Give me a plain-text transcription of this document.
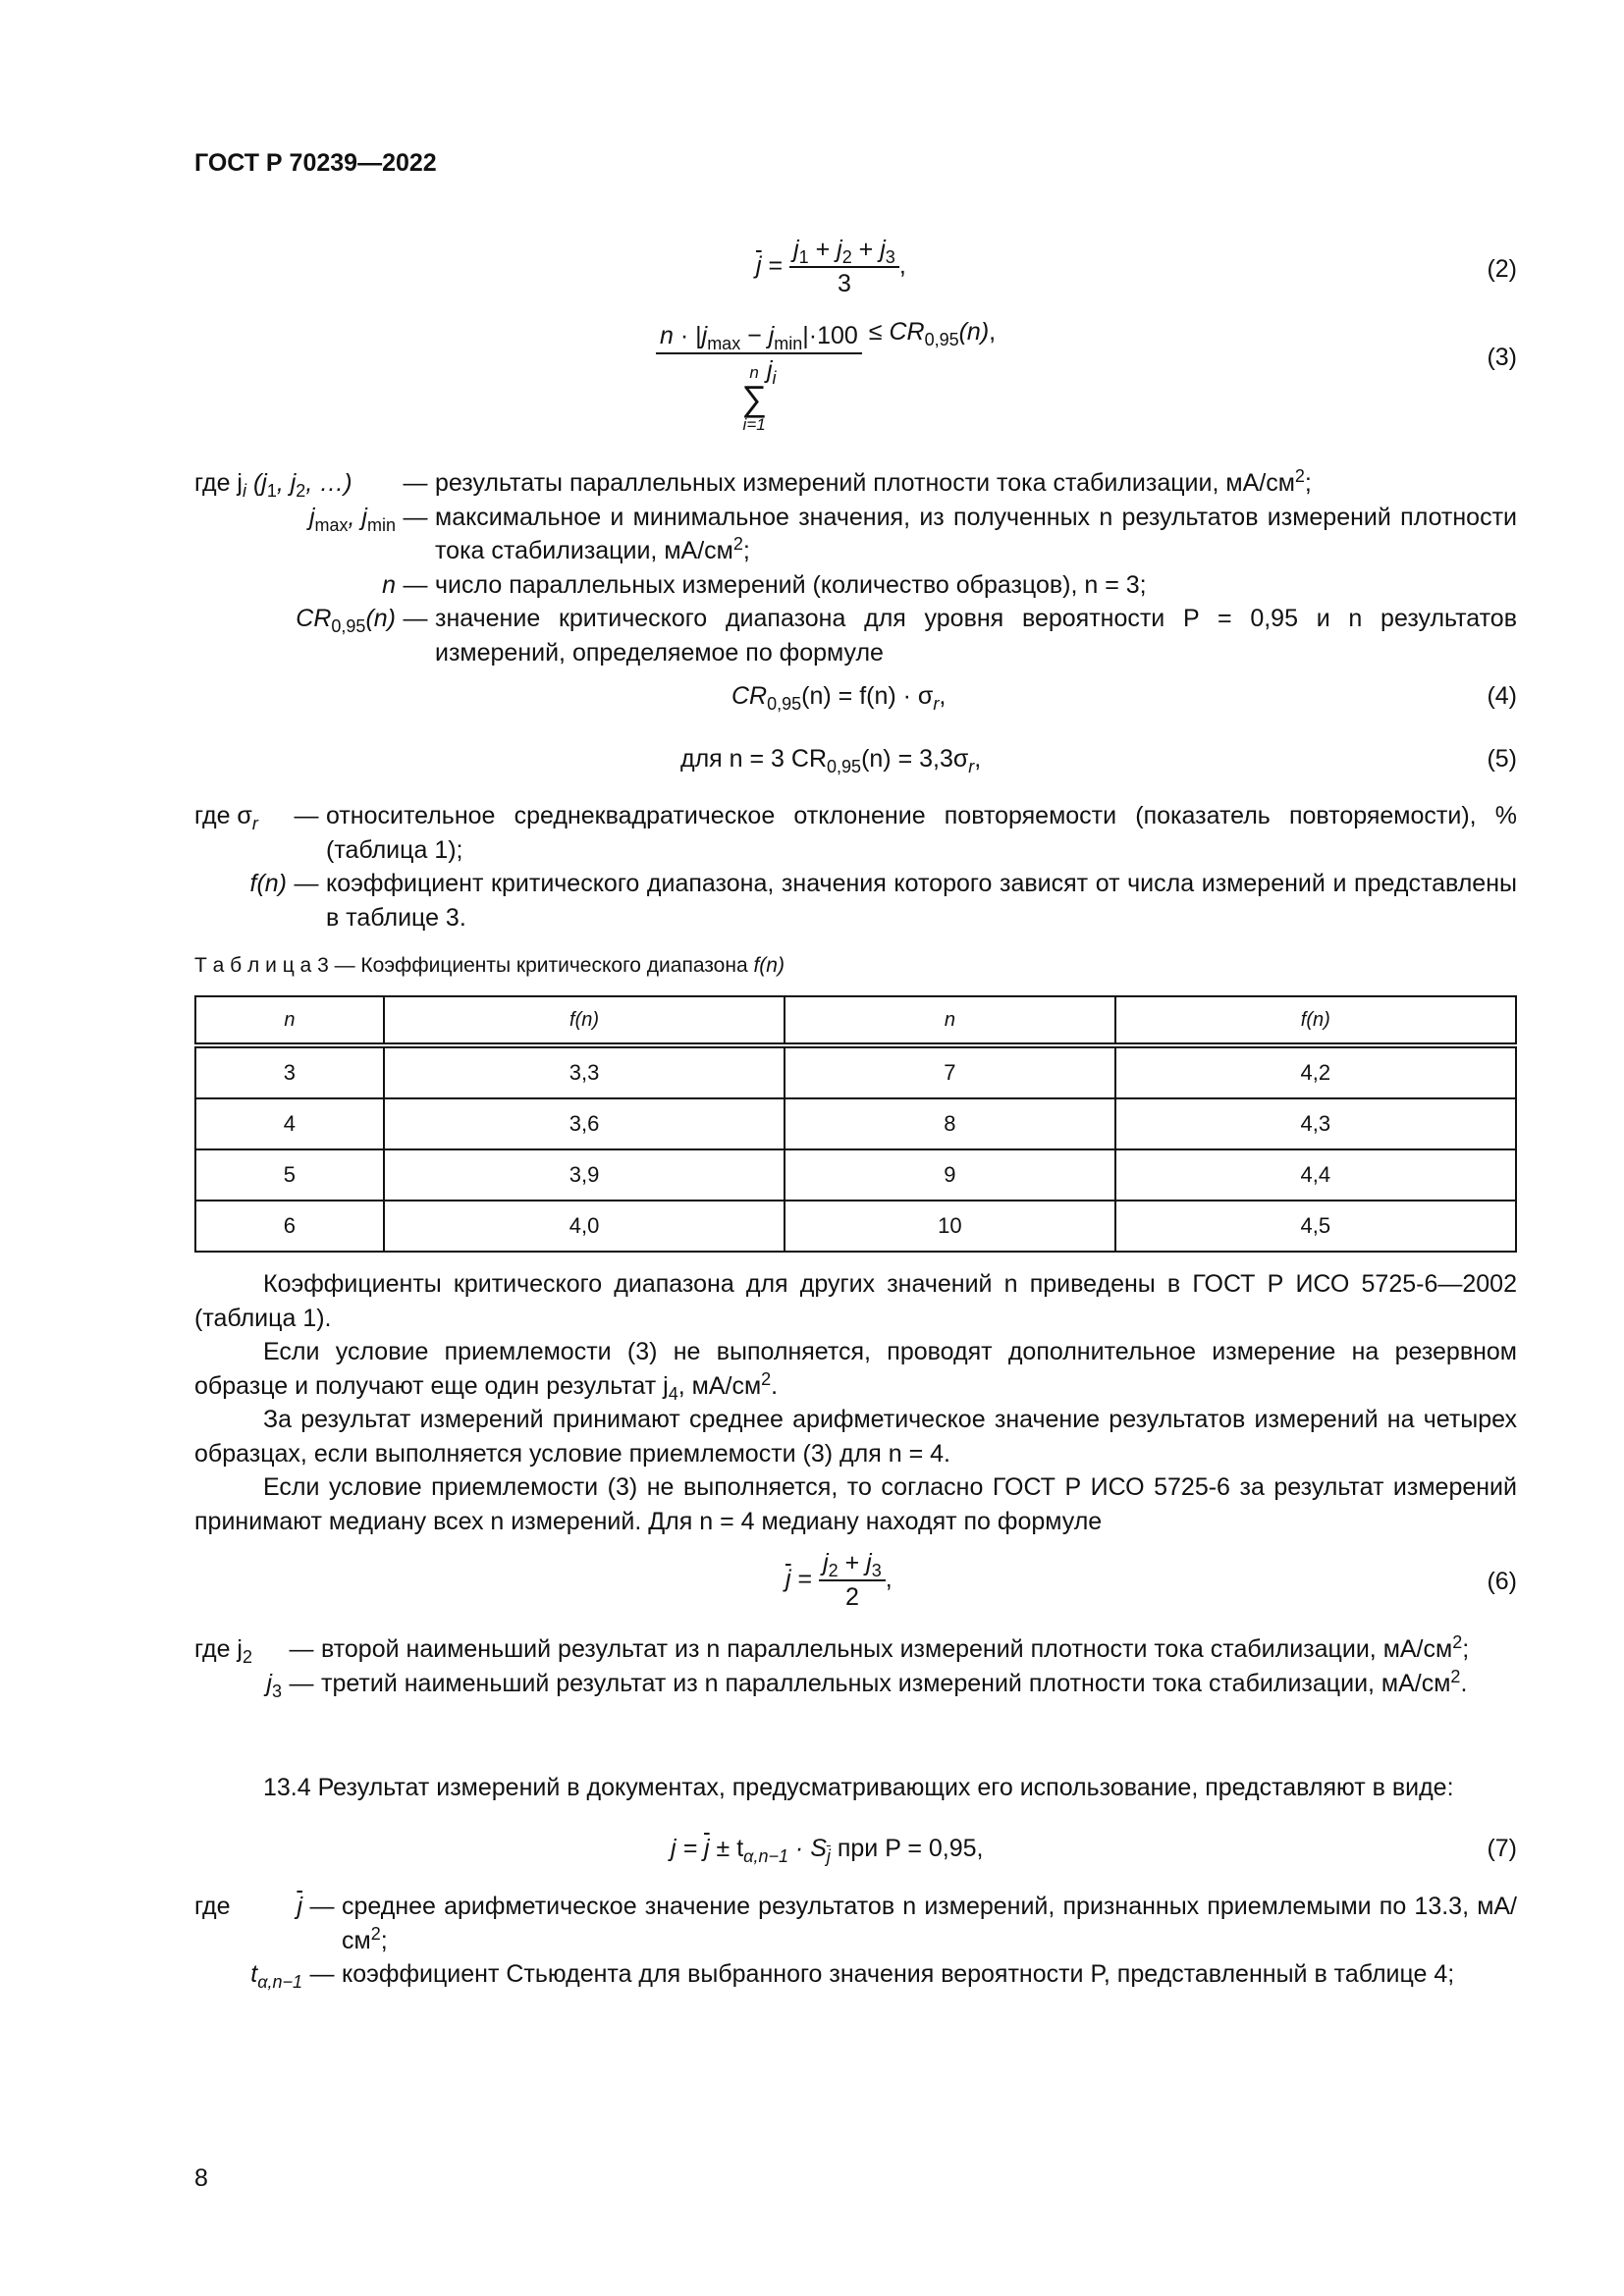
ГОСТ Р 70239—2022
$\overline{j} = \frac{j_1 + j_2 + j_3}{3}$ ,	(2)
$n \cdot |j_{max} - j_{min}|\cdot 100$
n
∑
i=1
$j_i \le CR_{0,95}(n)$,
(3)
где $j_i$ ($j_1$, $j_2$, …)	— результаты параллельных измерений плотности тока стабилизации, $мА/см^2$;
$j_{max}$, $j_{min}$ — максимальное и минимальное значения, из полученных n результатов измерений плотности тока стабилизации, $мА/см^2$;
n — число параллельных измерений (количество образцов), n = 3;
$CR_{0,95}(n)$ — значение критического диапазона для уровня вероятности P = 0,95 и n результатов измерений, определяемое по формуле
$CR_{0,95}(n) = f(n) \cdot \sigma_r$,	(4)
для n = 3 $CR_{0,95}(n) = 3,3\sigma_r$,	(5)
где $\sigma_r$	— относительное среднеквадратическое отклонение повторяемости (показатель повторяемости), % (таблица 1);
f(n) — коэффициент критического диапазона, значения которого зависят от числа измерений и представлены в таблице 3.
Т а б л и ц а 3 — Коэффициенты критического диапазона f(n)
n	f(n)	n	f(n)
3	3,3	7	4,2
4	3,6	8	4,3
5	3,9	9	4,4
6	4,0	10	4,5

Коэффициенты критического диапазона для других значений n приведены в ГОСТ Р ИСО 5725-6—2002 (таблица 1).

Если условие приемлемости (3) не выполняется, проводят дополнительное измерение на резервном образце и получают еще один результат $j_4$, $мА/см^2$.

За результат измерений принимают среднее арифметическое значение результатов измерений на четырех образцах, если выполняется условие приемлемости (3) для n = 4.

Если условие приемлемости (3) не выполняется, то согласно ГОСТ Р ИСО 5725-6 за результат измерений принимают медиану всех n измерений. Для n = 4 медиану находят по формуле

$\overline{j} = \frac{j_2 + j_3}{2}$ ,	(6)
где $j_2$	— второй наименьший результат из n параллельных измерений плотности тока стабилизации, $мА/см^2$;
$j_3$ — третий наименьший результат из n параллельных измерений плотности тока стабилизации, $мА/см^2$.

13.4 Результат измерений в документах, предусматривающих его использование, представляют в виде:

$j = \overline{j} \pm t_{\alpha,n-1} \cdot S_{\overline{j}}$ при P = 0,95,	(7)
где	$\overline{j}$ — среднее арифметическое значение результатов n измерений, признанных приемлемыми по 13.3, $мА/см^2$;
$t_{\alpha,n-1}$ — коэффициент Стьюдента для выбранного значения вероятности P, представленный в таблице 4;
8
